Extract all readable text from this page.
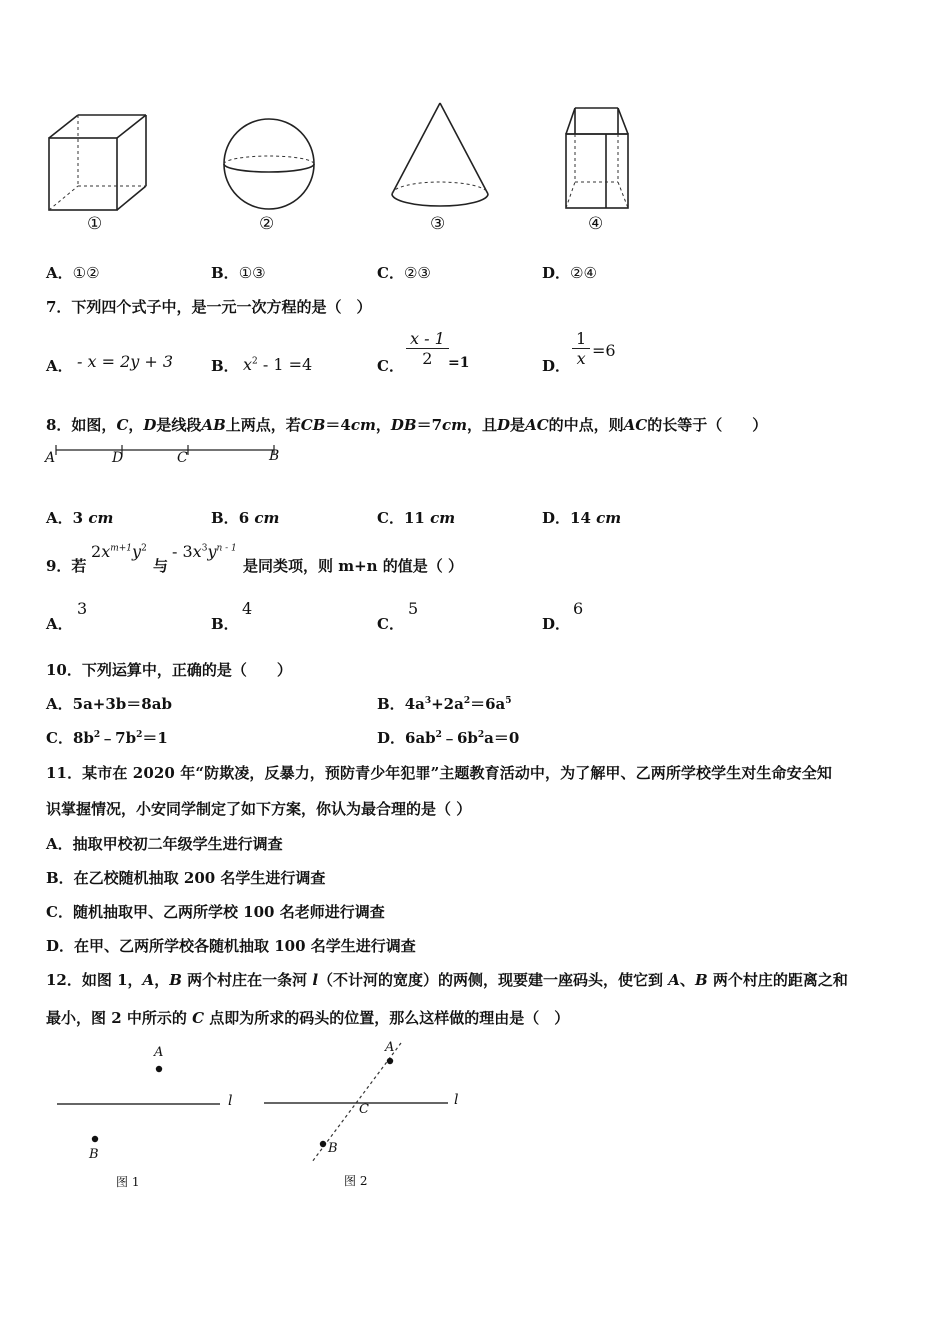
①	②	③	④
A．①②	B．①③	C．②③	D．②④
7．下列四个式子中，是一元一次方程的是（　）
A． - x = 2y + 3	B． $x^2 - 1 =4$	C． $\frac{x - 1}{2} =1$	D． $\frac{1}{x} =6$
8．如图，C，D是线段AB上两点，若CB＝4cm，DB＝7cm，且D是AC的中点，则AC的长等于（　　）
A	D	C	B
A．3 cm	B．6 cm	C．11 cm	D．14 cm
9．若
$2x^{m+1}y^2$
与
- $3x^3y^{n - 1}$
是同类项，则 m+n 的值是（ ）
A．
3
B．
4
C．
5
D．
6
10．下列运算中，正确的是（　　）
A．5a+3b＝8ab	B．$4a^3+2a^2=6a^5$
C．$8b^2﹣7b^2=1$	D．$6ab^2﹣6b^2a=0$
11．某市在 2020 年“防欺凌，反暴力，预防青少年犯罪”主题教育活动中，为了解甲、乙两所学校学生对生命安全知
识掌握情况，小安同学制定了如下方案，你认为最合理的是（ ）
A．抽取甲校初二年级学生进行调查
B．在乙校随机抽取 200 名学生进行调查
C．随机抽取甲、乙两所学校 100 名老师进行调查
D．在甲、乙两所学校各随机抽取 100 名学生进行调查
12．如图 1，A，B 两个村庄在一条河 l（不计河的宽度）的两侧，现要建一座码头，使它到 A、B 两个村庄的距离之和
最小，图 2 中所示的 C 点即为所求的码头的位置，那么这样做的理由是（　）
A
B
l
图 1
A
B
C
l
图 2
